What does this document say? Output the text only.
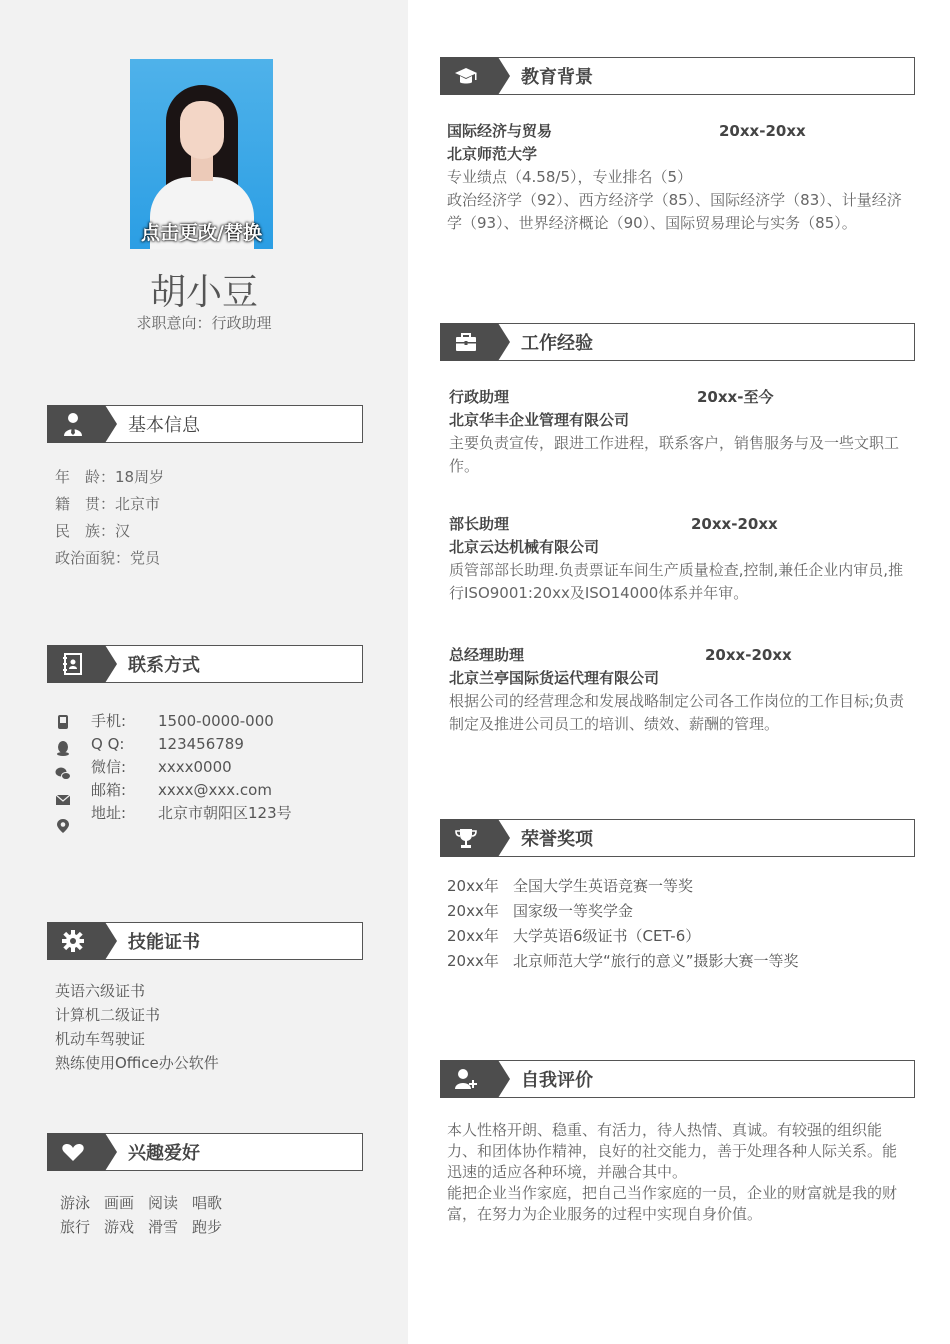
点击更改/替换
胡小豆
求职意向：行政助理
基本信息
年　龄：18周岁
籍　贯：北京市
民　族：汉
政治面貌：党员
联系方式
手机:	1500-0000-000
Q Q:	123456789
微信:	xxxx0000
邮箱:	xxxx@xxx.com
地址:	北京市朝阳区123号
技能证书
英语六级证书
计算机二级证书
机动车驾驶证
熟练使用Office办公软件
兴趣爱好
游泳 画画 阅读 唱歌
旅行 游戏 滑雪 跑步
教育背景
国际经济与贸易	20xx-20xx
北京师范大学
专业绩点（4.58/5），专业排名（5）
政治经济学（92）、西方经济学（85）、国际经济学（83）、计量经济学（93）、世界经济概论（90）、国际贸易理论与实务（85）。
工作经验
行政助理	20xx-至今
北京华丰企业管理有限公司
主要负责宣传，跟进工作进程，联系客户，销售服务与及一些文职工作。
部长助理	20xx-20xx
北京云达机械有限公司
质管部部长助理.负责票证车间生产质量检查,控制,兼任企业内审员,推行ISO9001:20xx及ISO14000体系并年审。
总经理助理	20xx-20xx
北京兰亭国际货运代理有限公司
根据公司的经营理念和发展战略制定公司各工作岗位的工作目标;负责制定及推进公司员工的培训、绩效、薪酬的管理。
荣誉奖项
20xx年 全国大学生英语竞赛一等奖
20xx年 国家级一等奖学金
20xx年 大学英语6级证书（CET-6）
20xx年 北京师范大学“旅行的意义”摄影大赛一等奖
自我评价
本人性格开朗、稳重、有活力，待人热情、真诚。有较强的组织能力、和团体协作精神，良好的社交能力，善于处理各种人际关系。能迅速的适应各种环境，并融合其中。
能把企业当作家庭，把自己当作家庭的一员，企业的财富就是我的财富，在努力为企业服务的过程中实现自身价值。
